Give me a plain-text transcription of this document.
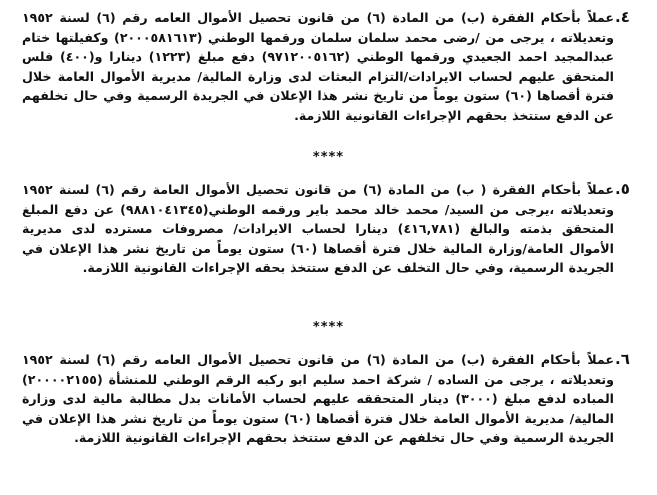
.٤
عملاً بأحكام الفقرة (ب) من المادة (٦) من قانون تحصيل الأموال العامه رقم (٦) لسنة ١٩٥٢ وتعديلاته ، يرجى من /رضى محمد سلمان سلمان ورقمها الوطني (٢٠٠٠٥٨١٦١٣) وكفيلتها ختام عبدالمجيد احمد الجعيدي ورقمها الوطني (٩٧١٢٠٠٥١٦٢) دفع مبلغ (١٢٢٣) دينارا و(٤٠٠) فلس المتحقق عليهم لحساب الايرادات/التزام البعثات لدى وزارة المالية/ مديرية الأموال العامة خلال فترة أقصاها (٦٠) ستون يوماً من تاريخ نشر هذا الإعلان في الجريدة الرسمية وفي حال تخلفهم عن الدفع ستتخذ بحقهم الإجراءات القانونية اللازمة.
****
.٥
عملاً بأحكام الفقرة ( ب) من المادة (٦) من قانون تحصيل الأموال العامة رقم (٦) لسنة ١٩٥٢ وتعديلاته ،يرجى من السيد/ محمد خالد محمد باير ورقمه الوطني(٩٨٨١٠٤١٣٤٥) عن دفع المبلغ المتحقق بذمته والبالغ (٤١٦,٧٨١) دينارا لحساب الايرادات/ مصروفات مسترده لدى مديرية الأموال العامة/وزارة المالية خلال فترة أقصاها (٦٠) ستون يوماً من تاريخ نشر هذا الإعلان في الجريدة الرسمية، وفي حال التخلف عن الدفع ستتخذ بحقه الإجراءات القانونية اللازمة.
****
.٦
عملاً بأحكام الفقرة (ب) من المادة (٦) من قانون تحصيل الأموال العامه رقم (٦) لسنة ١٩٥٢ وتعديلاته ، يرجى من الساده / شركة احمد سليم ابو ركبه الرقم الوطني للمنشأة (٢٠٠٠٠٢١٥٥) المباده لدفع مبلغ (٣٠٠٠) دينار المتحققه عليهم لحساب الأمانات بدل مطالبة مالية لدى وزارة المالية/ مديرية الأموال العامة خلال فترة أقصاها (٦٠) ستون يوماً من تاريخ نشر هذا الإعلان في الجريدة الرسمية وفي حال تخلفهم عن الدفع ستتخذ بحقهم الإجراءات القانونية اللازمة.
